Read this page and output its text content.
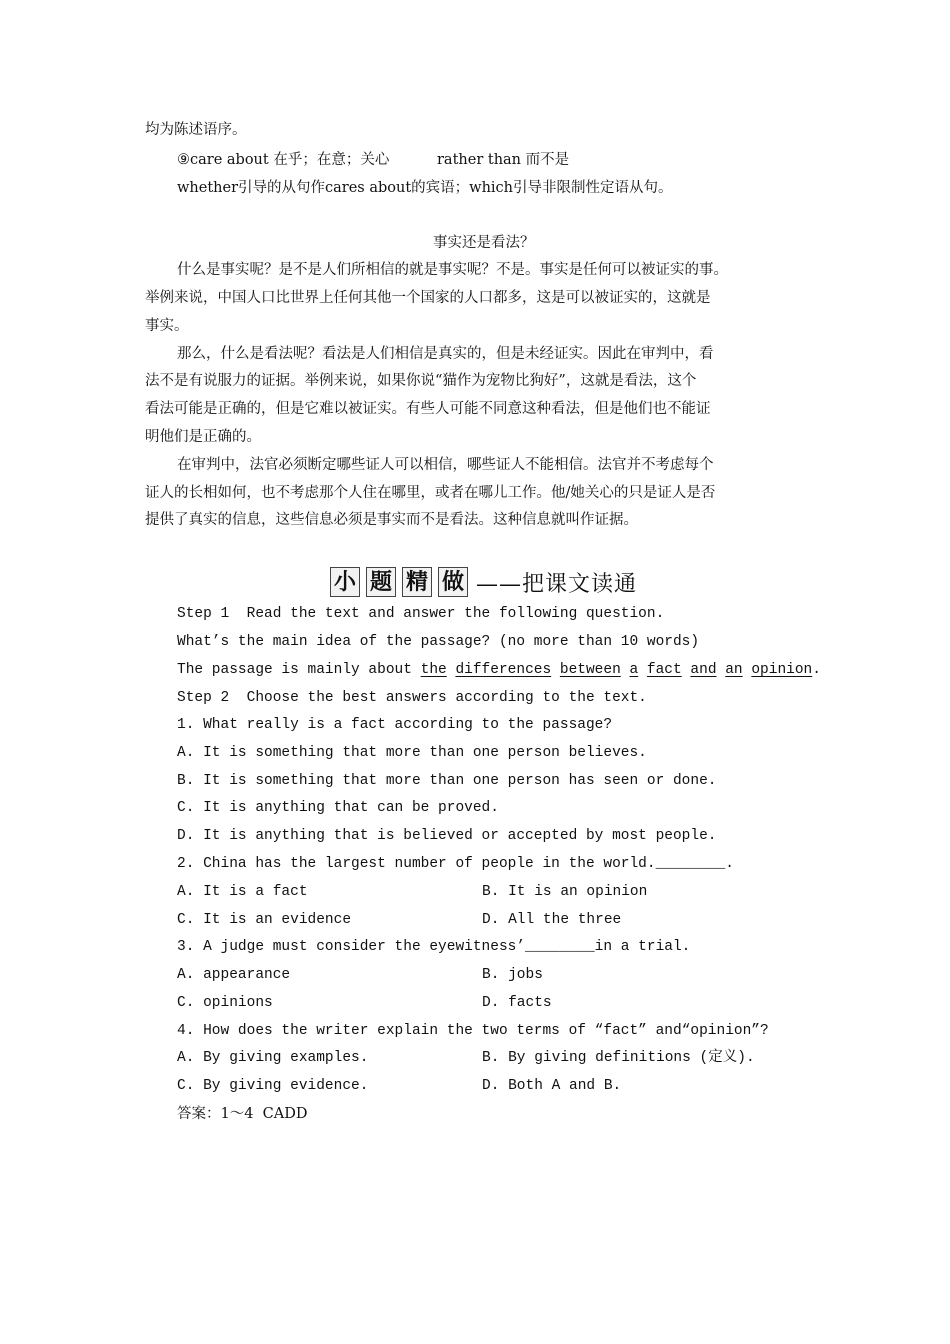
均为陈述语序。
⑨care about 在乎；在意；关心	rather than 而不是
whether引导的从句作cares about的宾语；which引导非限制性定语从句。
事实还是看法？
什么是事实呢？是不是人们所相信的就是事实呢？不是。事实是任何可以被证实的事。
举例来说，中国人口比世界上任何其他一个国家的人口都多，这是可以被证实的，这就是
事实。
那么，什么是看法呢？看法是人们相信是真实的，但是未经证实。因此在审判中，看
法不是有说服力的证据。举例来说，如果你说“猫作为宠物比狗好”，这就是看法，这个
看法可能是正确的，但是它难以被证实。有些人可能不同意这种看法，但是他们也不能证
明他们是正确的。
在审判中，法官必须断定哪些证人可以相信，哪些证人不能相信。法官并不考虑每个
证人的长相如何，也不考虑那个人住在哪里，或者在哪儿工作。他/她关心的只是证人是否
提供了真实的信息，这些信息必须是事实而不是看法。这种信息就叫作证据。
小 题 精 做 ——把课文读通
Step 1  Read the text and answer the following question.
What’s the main idea of the passage? (no more than 10 words)
The passage is mainly about the differences between a fact and an opinion.
Step 2  Choose the best answers according to the text.
1. What really is a fact according to the passage?
A. It is something that more than one person believes.
B. It is something that more than one person has seen or done.
C. It is anything that can be proved.
D. It is anything that is believed or accepted by most people.
2. China has the largest number of people in the world.________.
A. It is a fact	B. It is an opinion
C. It is an evidence	D. All the three
3. A judge must consider the eyewitness’________in a trial.
A. appearance	B. jobs
C. opinions	D. facts
4. How does the writer explain the two terms of “fact” and“opinion”?
A. By giving examples.	B. By giving definitions (定义).
C. By giving evidence.	D. Both A and B.
答案：1～4  CADD
